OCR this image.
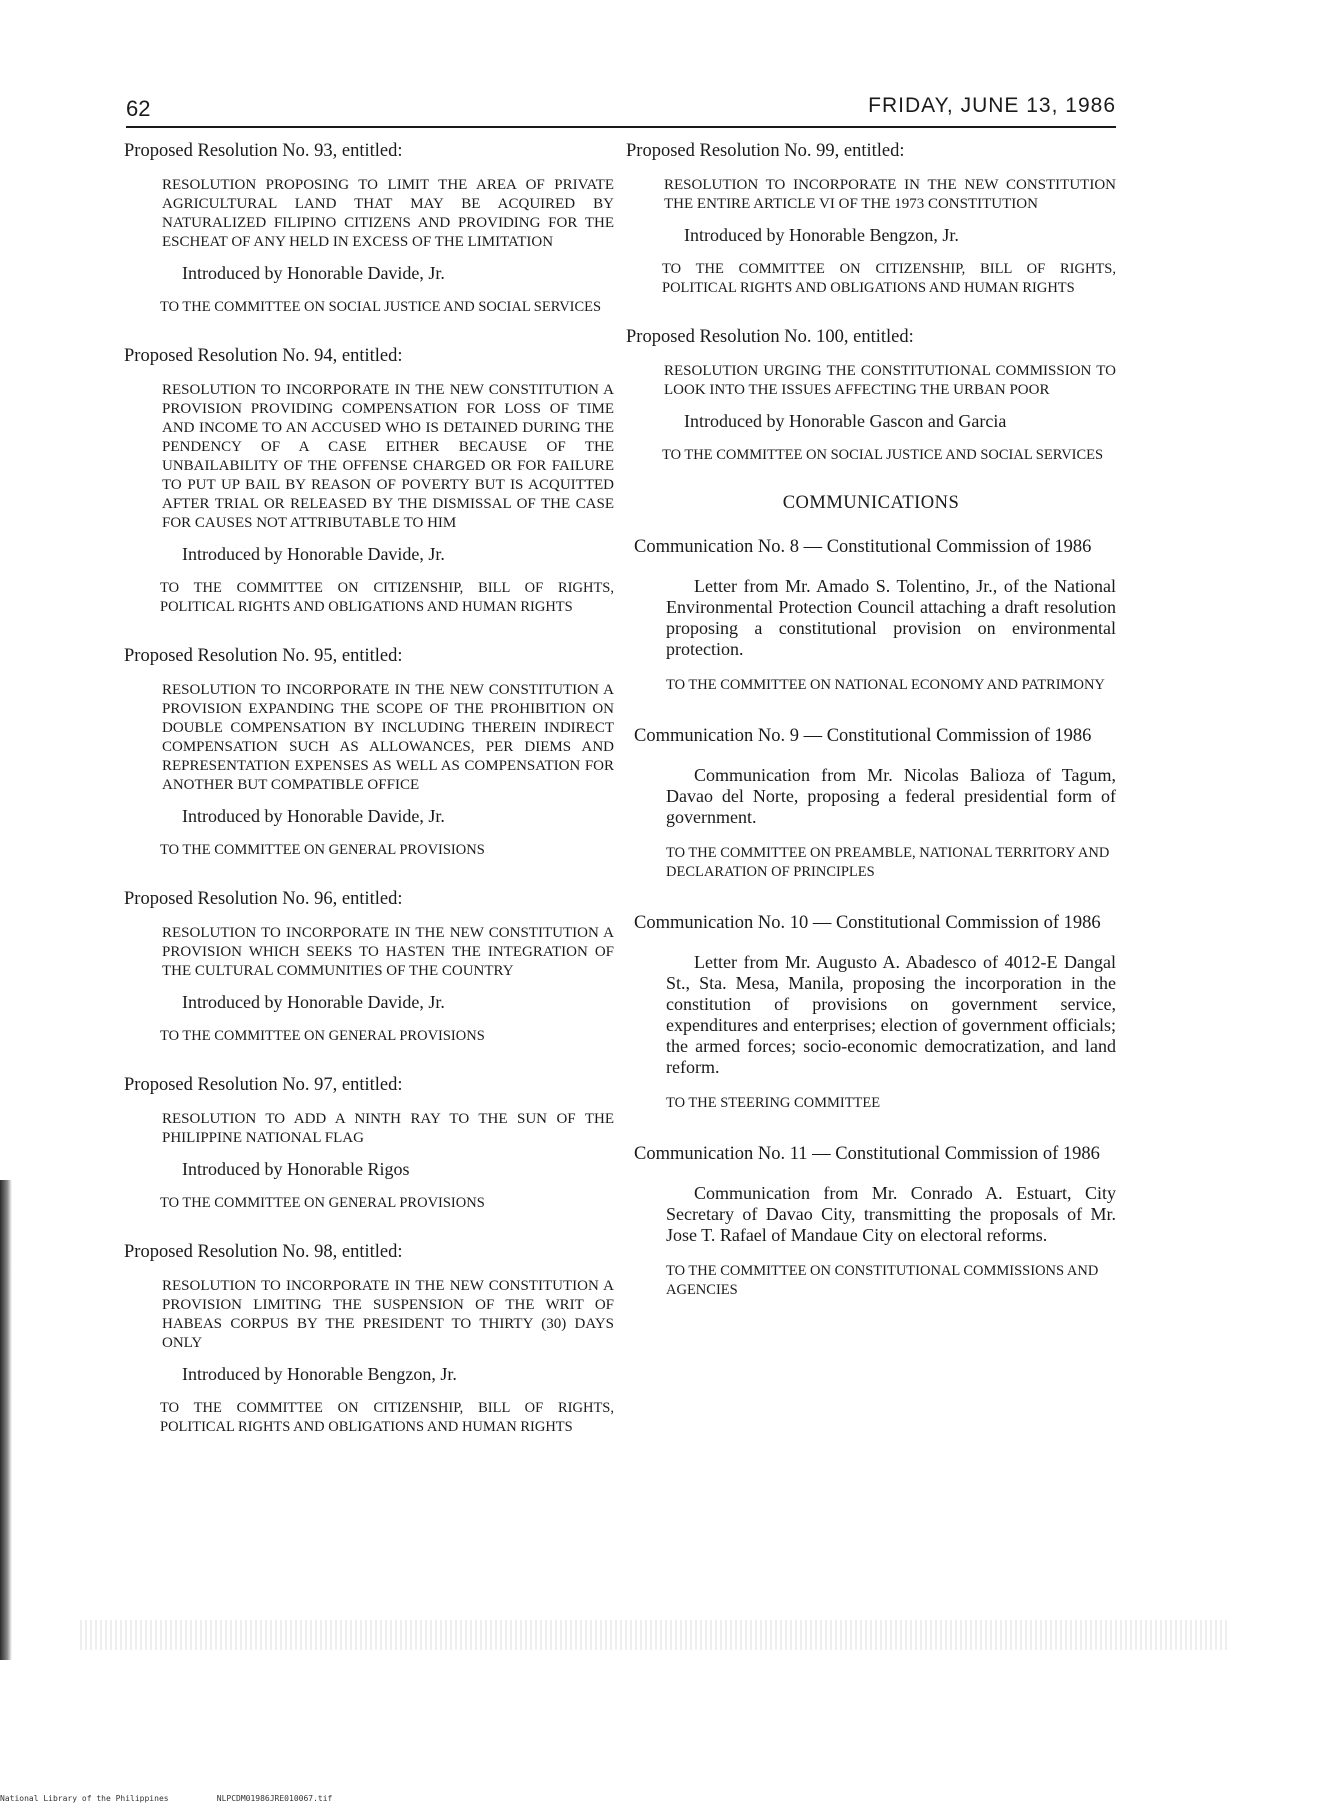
62	FRIDAY, JUNE 13, 1986

Proposed Resolution No. 93, entitled:

RESOLUTION PROPOSING TO LIMIT THE AREA OF PRIVATE AGRICULTURAL LAND THAT MAY BE ACQUIRED BY NATURALIZED FILIPINO CITIZENS AND PROVIDING FOR THE ESCHEAT OF ANY HELD IN EXCESS OF THE LIMITATION

Introduced by Honorable Davide, Jr.

TO THE COMMITTEE ON SOCIAL JUSTICE AND SOCIAL SERVICES

Proposed Resolution No. 94, entitled:

RESOLUTION TO INCORPORATE IN THE NEW CONSTITUTION A PROVISION PROVIDING COMPENSATION FOR LOSS OF TIME AND INCOME TO AN ACCUSED WHO IS DETAINED DURING THE PENDENCY OF A CASE EITHER BECAUSE OF THE UNBAILABILITY OF THE OFFENSE CHARGED OR FOR FAILURE TO PUT UP BAIL BY REASON OF POVERTY BUT IS ACQUITTED AFTER TRIAL OR RELEASED BY THE DISMISSAL OF THE CASE FOR CAUSES NOT ATTRIBUTABLE TO HIM

Introduced by Honorable Davide, Jr.

TO THE COMMITTEE ON CITIZENSHIP, BILL OF RIGHTS, POLITICAL RIGHTS AND OBLIGATIONS AND HUMAN RIGHTS

Proposed Resolution No. 95, entitled:

RESOLUTION TO INCORPORATE IN THE NEW CONSTITUTION A PROVISION EXPANDING THE SCOPE OF THE PROHIBITION ON DOUBLE COMPENSATION BY INCLUDING THEREIN INDIRECT COMPENSATION SUCH AS ALLOWANCES, PER DIEMS AND REPRESENTATION EXPENSES AS WELL AS COMPENSATION FOR ANOTHER BUT COMPATIBLE OFFICE

Introduced by Honorable Davide, Jr.

TO THE COMMITTEE ON GENERAL PROVISIONS

Proposed Resolution No. 96, entitled:

RESOLUTION TO INCORPORATE IN THE NEW CONSTITUTION A PROVISION WHICH SEEKS TO HASTEN THE INTEGRATION OF THE CULTURAL COMMUNITIES OF THE COUNTRY

Introduced by Honorable Davide, Jr.

TO THE COMMITTEE ON GENERAL PROVISIONS

Proposed Resolution No. 97, entitled:

RESOLUTION TO ADD A NINTH RAY TO THE SUN OF THE PHILIPPINE NATIONAL FLAG

Introduced by Honorable Rigos

TO THE COMMITTEE ON GENERAL PROVISIONS

Proposed Resolution No. 98, entitled:

RESOLUTION TO INCORPORATE IN THE NEW CONSTITUTION A PROVISION LIMITING THE SUSPENSION OF THE WRIT OF HABEAS CORPUS BY THE PRESIDENT TO THIRTY (30) DAYS ONLY

Introduced by Honorable Bengzon, Jr.

TO THE COMMITTEE ON CITIZENSHIP, BILL OF RIGHTS, POLITICAL RIGHTS AND OBLIGATIONS AND HUMAN RIGHTS

Proposed Resolution No. 99, entitled:

RESOLUTION TO INCORPORATE IN THE NEW CONSTITUTION THE ENTIRE ARTICLE VI OF THE 1973 CONSTITUTION

Introduced by Honorable Bengzon, Jr.

TO THE COMMITTEE ON CITIZENSHIP, BILL OF RIGHTS, POLITICAL RIGHTS AND OBLIGATIONS AND HUMAN RIGHTS

Proposed Resolution No. 100, entitled:

RESOLUTION URGING THE CONSTITUTIONAL COMMISSION TO LOOK INTO THE ISSUES AFFECTING THE URBAN POOR

Introduced by Honorable Gascon and Garcia

TO THE COMMITTEE ON SOCIAL JUSTICE AND SOCIAL SERVICES

COMMUNICATIONS

Communication No. 8 — Constitutional Commission of 1986

Letter from Mr. Amado S. Tolentino, Jr., of the National Environmental Protection Council attaching a draft resolution proposing a constitutional provision on environmental protection.

TO THE COMMITTEE ON NATIONAL ECONOMY AND PATRIMONY

Communication No. 9 — Constitutional Commission of 1986

Communication from Mr. Nicolas Balioza of Tagum, Davao del Norte, proposing a federal presidential form of government.

TO THE COMMITTEE ON PREAMBLE, NATIONAL TERRITORY AND DECLARATION OF PRINCIPLES

Communication No. 10 — Constitutional Commission of 1986

Letter from Mr. Augusto A. Abadesco of 4012-E Dangal St., Sta. Mesa, Manila, proposing the incorporation in the constitution of provisions on government service, expenditures and enterprises; election of government officials; the armed forces; socio-economic democratization, and land reform.

TO THE STEERING COMMITTEE

Communication No. 11 — Constitutional Commission of 1986

Communication from Mr. Conrado A. Estuart, City Secretary of Davao City, transmitting the proposals of Mr. Jose T. Rafael of Mandaue City on electoral reforms.

TO THE COMMITTEE ON CONSTITUTIONAL COMMISSIONS AND AGENCIES

National Library of the Philippines	NLPCDM01986JRE010067.tif
